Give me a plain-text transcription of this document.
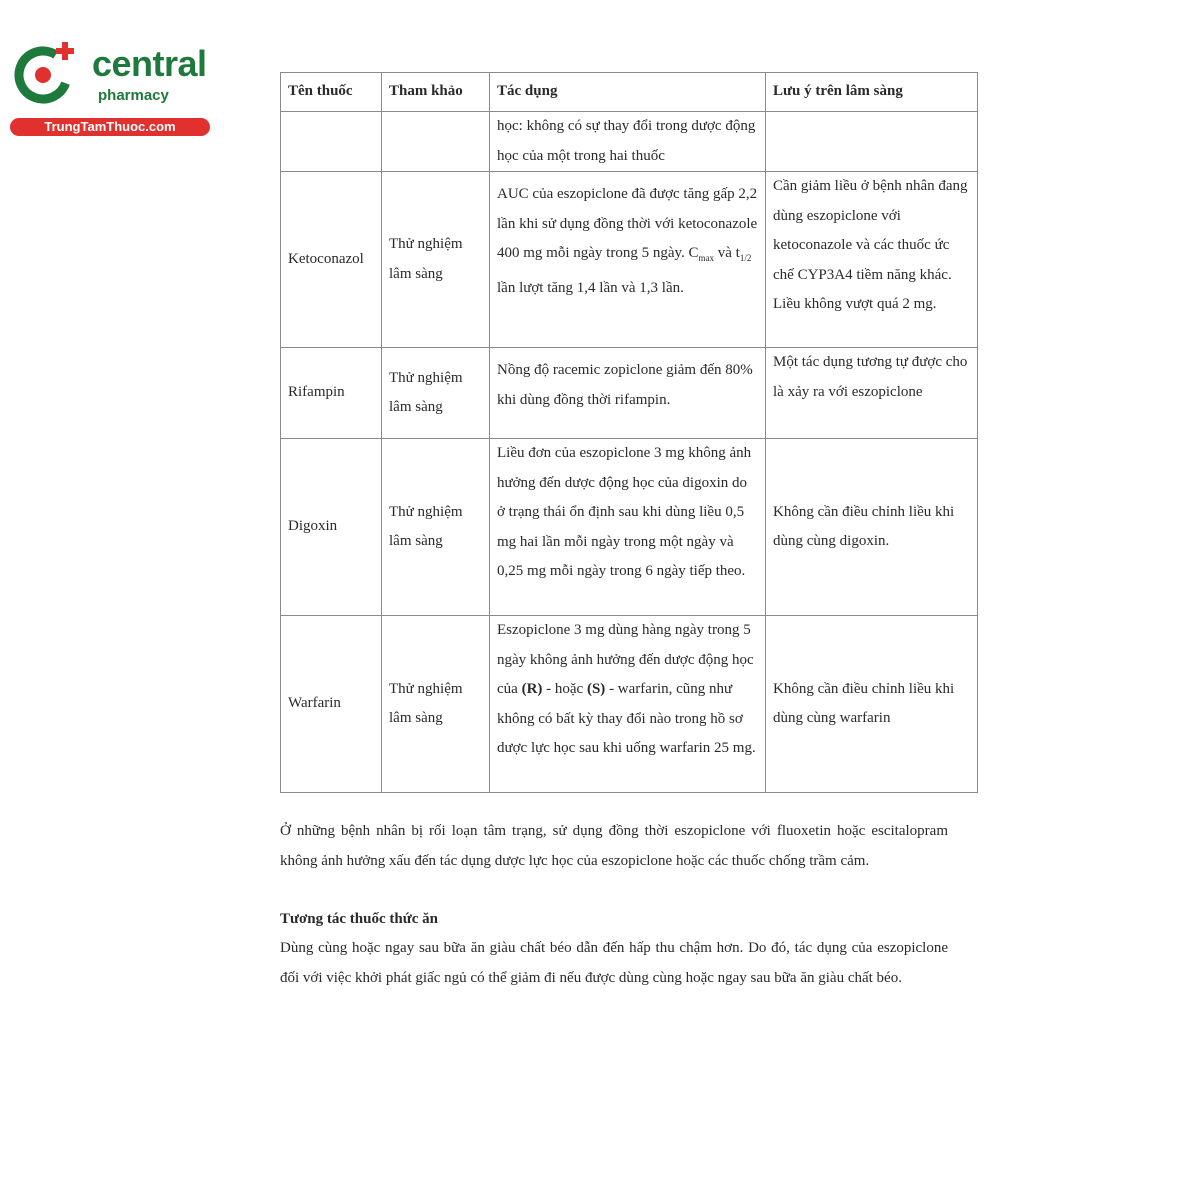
central
pharmacy
TrungTamThuoc.com
Tên thuốc	Tham khảo	Tác dụng	Lưu ý trên lâm sàng
		học: không có sự thay đổi trong dược động học của một trong hai thuốc	
Ketoconazol	Thử nghiệm lâm sàng	AUC của eszopiclone đã được tăng gấp 2,2 lần khi sử dụng đồng thời với ketoconazole 400 mg mỗi ngày trong 5 ngày. $C_{max}$ và $t_{1/2}$ lần lượt tăng 1,4 lần và 1,3 lần.	Cần giảm liều ở bệnh nhân đang dùng eszopiclone với ketoconazole và các thuốc ức chế CYP3A4 tiềm năng khác. Liều không vượt quá 2 mg.
Rifampin	Thử nghiệm lâm sàng	Nồng độ racemic zopiclone giảm đến 80% khi dùng đồng thời rifampin.	Một tác dụng tương tự được cho là xảy ra với eszopiclone
Digoxin	Thử nghiệm lâm sàng	Liều đơn của eszopiclone 3 mg không ảnh hưởng đến dược động học của digoxin do ở trạng thái ổn định sau khi dùng liều 0,5 mg hai lần mỗi ngày trong một ngày và 0,25 mg mỗi ngày trong 6 ngày tiếp theo.	Không cần điều chỉnh liều khi dùng cùng digoxin.
Warfarin	Thử nghiệm lâm sàng	Eszopiclone 3 mg dùng hàng ngày trong 5 ngày không ảnh hưởng đến dược động học của (R) - hoặc (S) - warfarin, cũng như không có bất kỳ thay đổi nào trong hồ sơ dược lực học sau khi uống warfarin 25 mg.	Không cần điều chỉnh liều khi dùng cùng warfarin
Ở những bệnh nhân bị rối loạn tâm trạng, sử dụng đồng thời eszopiclone với fluoxetin hoặc escitalopram không ảnh hưởng xấu đến tác dụng dược lực học của eszopiclone hoặc các thuốc chống trầm cảm.
Tương tác thuốc thức ăn
Dùng cùng hoặc ngay sau bữa ăn giàu chất béo dẫn đến hấp thu chậm hơn. Do đó, tác dụng của eszopiclone đối với việc khởi phát giấc ngủ có thể giảm đi nếu được dùng cùng hoặc ngay sau bữa ăn giàu chất béo.
